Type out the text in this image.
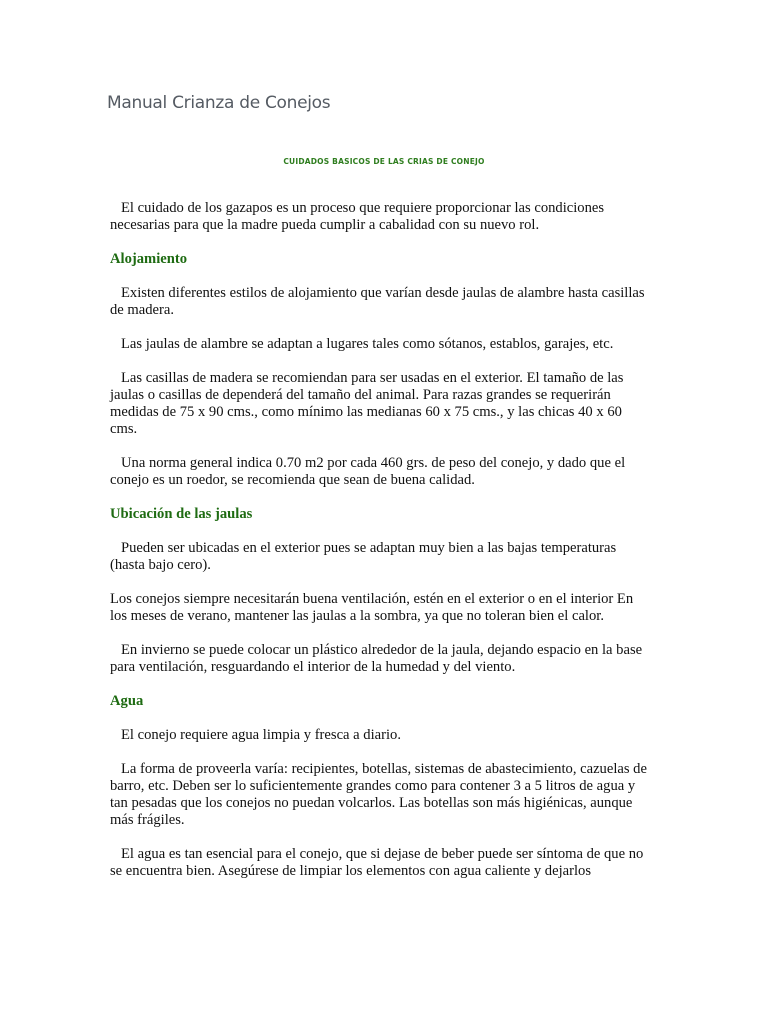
Manual Crianza de Conejos

CUIDADOS BASICOS DE LAS CRIAS DE CONEJO

El cuidado de los gazapos es un proceso que requiere proporcionar las condiciones necesarias para que la madre pueda cumplir a cabalidad con su nuevo rol.

Alojamiento

Existen diferentes estilos de alojamiento que varían desde jaulas de alambre hasta casillas de madera.

Las jaulas de alambre se adaptan a lugares tales como sótanos, establos, garajes, etc.

Las casillas de madera se recomiendan para ser usadas en el exterior. El tamaño de las jaulas o casillas de dependerá del tamaño del animal. Para razas grandes se requerirán medidas de 75 x 90 cms., como mínimo las medianas 60 x 75 cms., y las chicas 40 x 60 cms.

Una norma general indica 0.70 m2 por cada 460 grs. de peso del conejo, y dado que el conejo es un roedor, se recomienda que sean de buena calidad.

Ubicación de las jaulas

Pueden ser ubicadas en el exterior pues se adaptan muy bien a las bajas temperaturas (hasta bajo cero).

Los conejos siempre necesitarán buena ventilación, estén en el exterior o en el interior En los meses de verano, mantener las jaulas a la sombra, ya que no toleran bien el calor.

En invierno se puede colocar un plástico alrededor de la jaula, dejando espacio en la base para ventilación, resguardando el interior de la humedad y del viento.

Agua

El conejo requiere agua limpia y fresca a diario.

La forma de proveerla varía: recipientes, botellas, sistemas de abastecimiento, cazuelas de barro, etc. Deben ser lo suficientemente grandes como para contener 3 a 5 litros de agua y tan pesadas que los conejos no puedan volcarlos. Las botellas son más higiénicas, aunque más frágiles.

El agua es tan esencial para el conejo, que si dejase de beber puede ser síntoma de que no se encuentra bien. Asegúrese de limpiar los elementos con agua caliente y dejarlos
